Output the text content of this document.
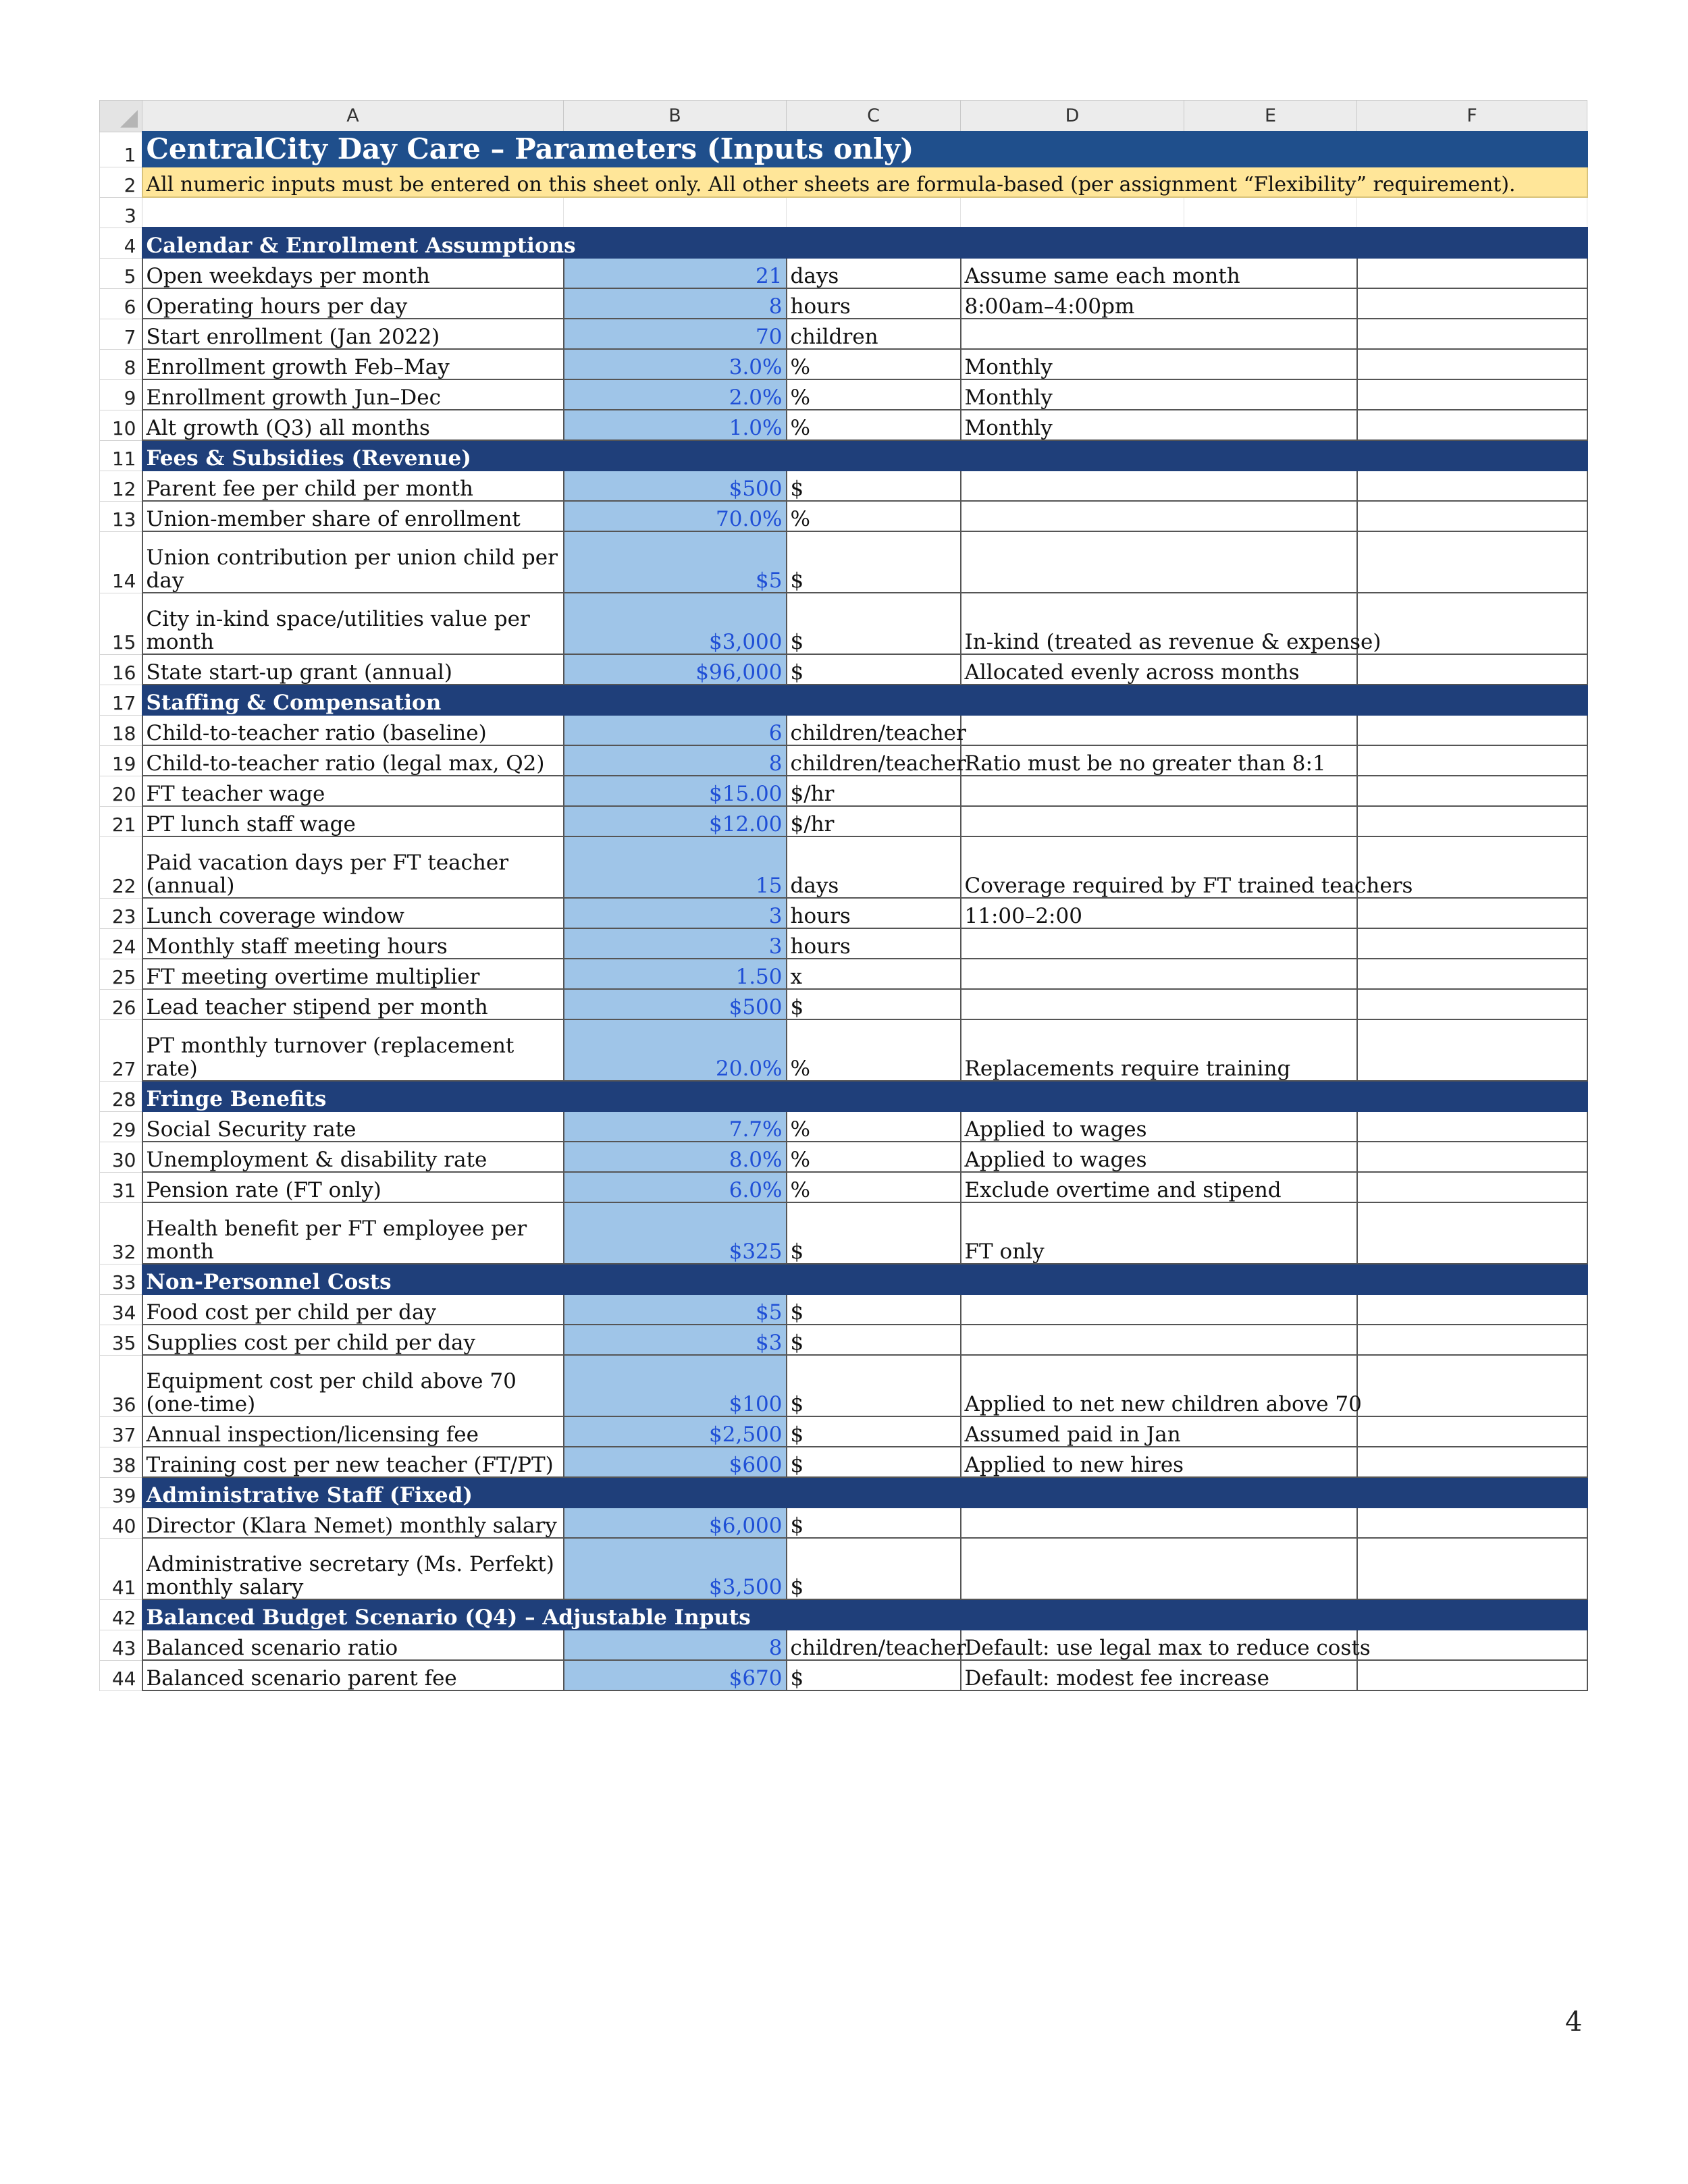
	A	B	C	D	E	F
1	CentralCity Day Care – Parameters (Inputs only)					
2	All numeric inputs must be entered on this sheet only. All other sheets are formula-based (per assignment “Flexibility” requirement).					
3						
4	Calendar & Enrollment Assumptions					
5	Open weekdays per month	21	days	Assume same each month		
6	Operating hours per day	8	hours	8:00am–4:00pm		
7	Start enrollment (Jan 2022)	70	children			
8	Enrollment growth Feb–May	3.0%	%	Monthly		
9	Enrollment growth Jun–Dec	2.0%	%	Monthly		
10	Alt growth (Q3) all months	1.0%	%	Monthly		
11	Fees & Subsidies (Revenue)					
12	Parent fee per child per month	$500	$			
13	Union-member share of enrollment	70.0%	%			
14	Union contribution per union child per day	$5	$			
15	City in-kind space/utilities value per month	$3,000	$	In-kind (treated as revenue & expense)		
16	State start-up grant (annual)	$96,000	$	Allocated evenly across months		
17	Staffing & Compensation					
18	Child-to-teacher ratio (baseline)	6	children/teacher			
19	Child-to-teacher ratio (legal max, Q2)	8	children/teacher	Ratio must be no greater than 8:1		
20	FT teacher wage	$15.00	$/hr			
21	PT lunch staff wage	$12.00	$/hr			
22	Paid vacation days per FT teacher (annual)	15	days	Coverage required by FT trained teachers		
23	Lunch coverage window	3	hours	11:00–2:00		
24	Monthly staff meeting hours	3	hours			
25	FT meeting overtime multiplier	1.50	x			
26	Lead teacher stipend per month	$500	$			
27	PT monthly turnover (replacement rate)	20.0%	%	Replacements require training		
28	Fringe Benefits					
29	Social Security rate	7.7%	%	Applied to wages		
30	Unemployment & disability rate	8.0%	%	Applied to wages		
31	Pension rate (FT only)	6.0%	%	Exclude overtime and stipend		
32	Health benefit per FT employee per month	$325	$	FT only		
33	Non-Personnel Costs					
34	Food cost per child per day	$5	$			
35	Supplies cost per child per day	$3	$			
36	Equipment cost per child above 70 (one-time)	$100	$	Applied to net new children above 70		
37	Annual inspection/licensing fee	$2,500	$	Assumed paid in Jan		
38	Training cost per new teacher (FT/PT)	$600	$	Applied to new hires		
39	Administrative Staff (Fixed)					
40	Director (Klara Nemet) monthly salary	$6,000	$			
41	Administrative secretary (Ms. Perfekt) monthly salary	$3,500	$			
42	Balanced Budget Scenario (Q4) – Adjustable Inputs					
43	Balanced scenario ratio	8	children/teacher	Default: use legal max to reduce costs		
44	Balanced scenario parent fee	$670	$	Default: modest fee increase		
4
